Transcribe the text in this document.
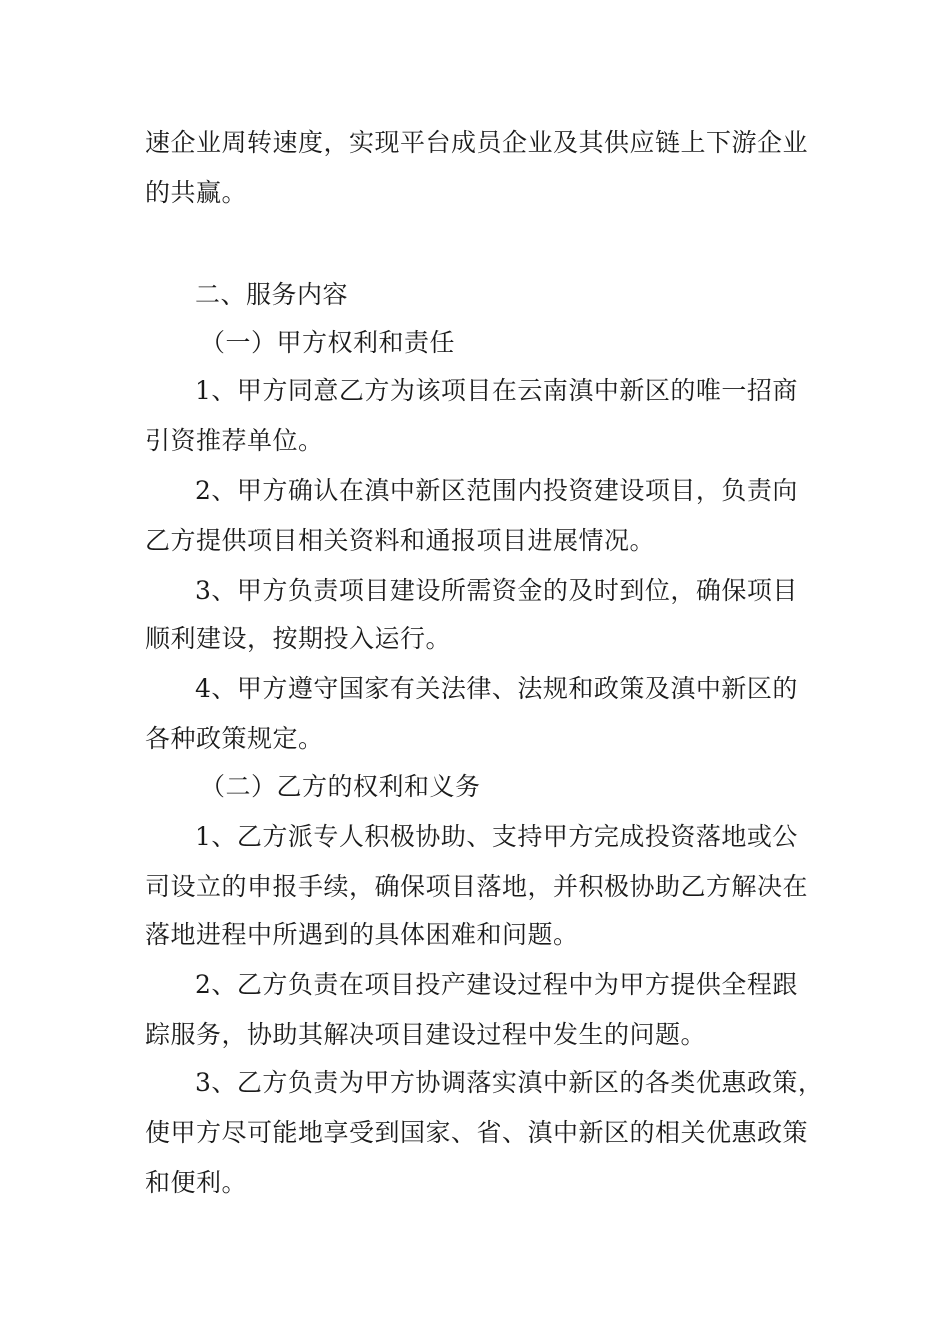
速企业周转速度，实现平台成员企业及其供应链上下游企业
的共赢。
二、服务内容
（一）甲方权利和责任
1、甲方同意乙方为该项目在云南滇中新区的唯一招商
引资推荐单位。
2、甲方确认在滇中新区范围内投资建设项目，负责向
乙方提供项目相关资料和通报项目进展情况。
3、甲方负责项目建设所需资金的及时到位，确保项目
顺利建设，按期投入运行。
4、甲方遵守国家有关法律、法规和政策及滇中新区的
各种政策规定。
（二）乙方的权利和义务
1、乙方派专人积极协助、支持甲方完成投资落地或公
司设立的申报手续，确保项目落地，并积极协助乙方解决在
落地进程中所遇到的具体困难和问题。
2、乙方负责在项目投产建设过程中为甲方提供全程跟
踪服务，协助其解决项目建设过程中发生的问题。
3、乙方负责为甲方协调落实滇中新区的各类优惠政策，
使甲方尽可能地享受到国家、省、滇中新区的相关优惠政策
和便利。
